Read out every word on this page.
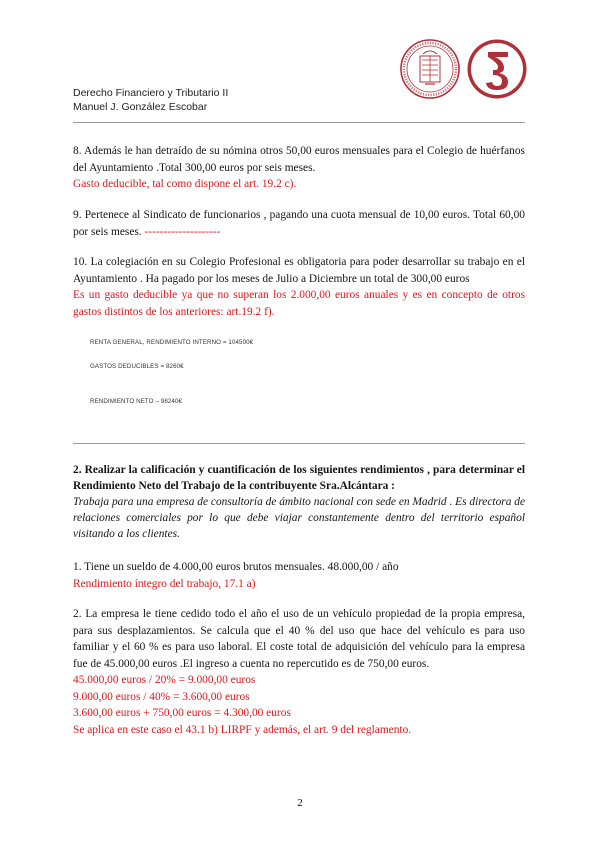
Derecho Financiero y Tributario II
Manuel J. González Escobar

8. Además le han detraído de su nómina otros 50,00 euros mensuales para el Colegio de huérfanos del Ayuntamiento .Total 300,00 euros por seis meses.

Gasto deducible, tal como dispone el art. 19.2 c).

9. Pertenece al Sindicato de funcionarios , pagando una cuota mensual de 10,00 euros. Total 60,00 por seis meses. --------------------

10. La colegiación en su Colegio Profesional es obligatoria para poder desarrollar su trabajo en el Ayuntamiento . Ha pagado por los meses de Julio a Diciembre un total de 300,00 euros

Es un gasto deducible ya que no superan los 2.000,00 euros anuales y es en concepto de otros gastos distintos de los anteriores: art.19.2 f).

RENTA GENERAL, RENDIMIENTO INTERNO = 104500€
GASTOS DEDUCIBLES = 8260€
RENDIMIENTO NETO – 98240€

2. Realizar la calificación y cuantificación de los siguientes rendimientos , para determinar el Rendimiento Neto del Trabajo de la contribuyente Sra.Alcántara :

Trabaja para una empresa de consultoría de ámbito nacional con sede en Madrid . Es directora de relaciones comerciales por lo que debe viajar constantemente dentro del territorio español visitando a los clientes.

1. Tiene un sueldo de 4.000,00 euros brutos mensuales. 48.000,00 / año

Rendimiento íntegro del trabajo, 17.1 a)

2. La empresa le tiene cedido todo el año el uso de un vehículo propiedad de la propia empresa, para sus desplazamientos. Se calcula que el 40 % del uso que hace del vehículo es para uso familiar y el 60 % es para uso laboral. El coste total de adquisición del vehículo para la empresa fue de 45.000,00 euros .El ingreso a cuenta no repercutido es de 750,00 euros.

45.000,00 euros / 20% = 9.000,00 euros

9.000,00 euros / 40% = 3.600,00 euros

3.600,00 euros + 750,00 euros = 4.300,00 euros

Se aplica en este caso el 43.1 b) LIRPF y además, el art. 9 del reglamento.

2
